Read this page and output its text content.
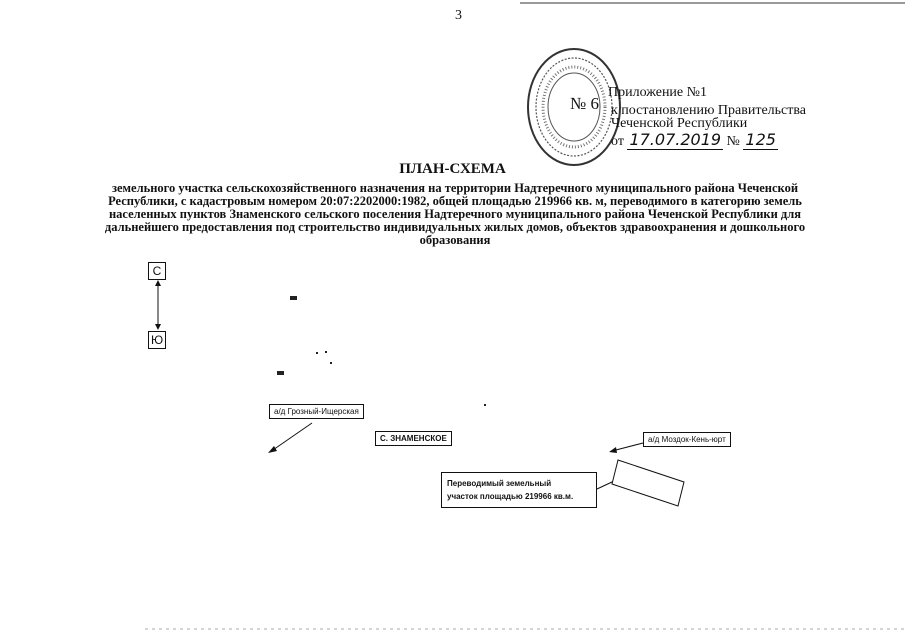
3
№ 6
Приложение №1
к постановлению Правительства
Чеченской Республики
от 17.07.2019 № 125
ПЛАН-СХЕМА
земельного участка сельскохозяйственного назначения на территории Надтеречного муниципального района Чеченской Республики, с кадастровым номером 20:07:2202000:1982, общей площадью 219966 кв. м, переводимого в категорию земель населенных пунктов Знаменского сельского поселения Надтеречного муниципального района Чеченской Республики для дальнейшего предоставления под строительство индивидуальных жилых домов, объектов здравоохранения и дошкольного образования
С
Ю
а/д Грозный-Ищерская
С. ЗНАМЕНСКОЕ	а/д Моздок-Кень-юрт
Переводимый земельный
участок площадью 219966 кв.м.
